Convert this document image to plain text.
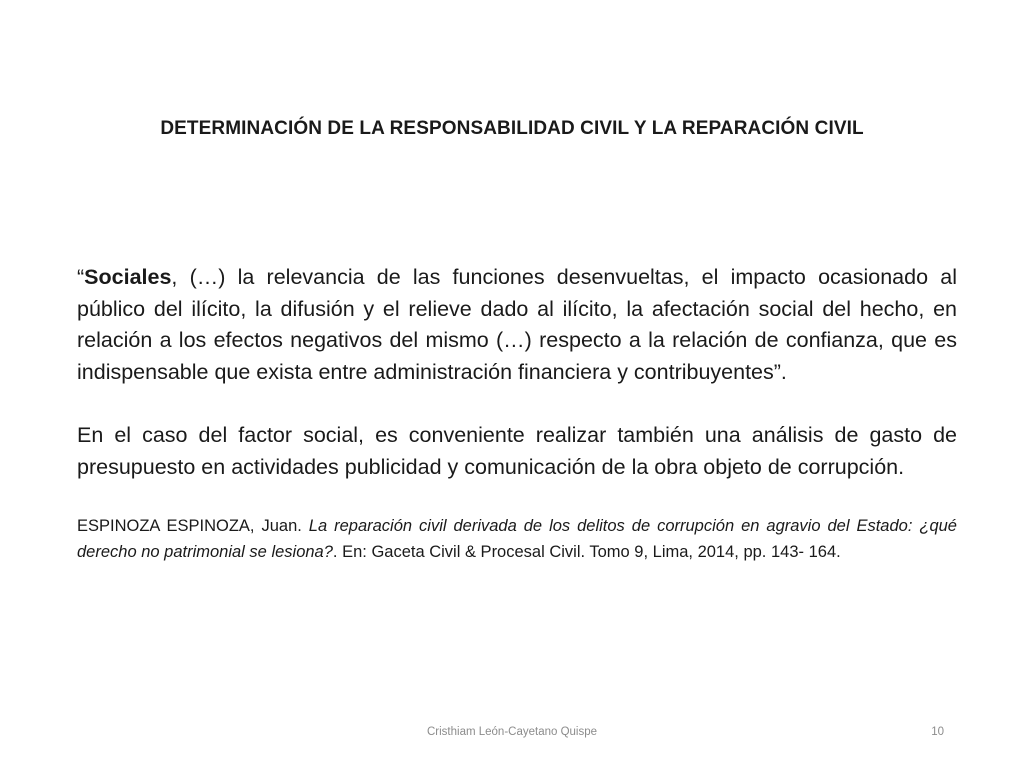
DETERMINACIÓN DE LA RESPONSABILIDAD CIVIL Y LA REPARACIÓN CIVIL

“Sociales, (…) la relevancia de las funciones desenvueltas, el impacto ocasionado al público del ilícito, la difusión y el relieve dado al ilícito, la afectación social del hecho, en relación a los efectos negativos del mismo (…) respecto a la relación de confianza, que es indispensable que exista entre administración financiera y contribuyentes”.

En el caso del factor social, es conveniente realizar también una análisis de gasto de presupuesto en actividades publicidad y comunicación de la obra objeto de corrupción.

ESPINOZA ESPINOZA, Juan. La reparación civil derivada de los delitos de corrupción en agravio del Estado: ¿qué derecho no patrimonial se lesiona?. En: Gaceta Civil & Procesal Civil. Tomo 9, Lima, 2014, pp. 143- 164.

Cristhiam León-Cayetano Quispe	10
